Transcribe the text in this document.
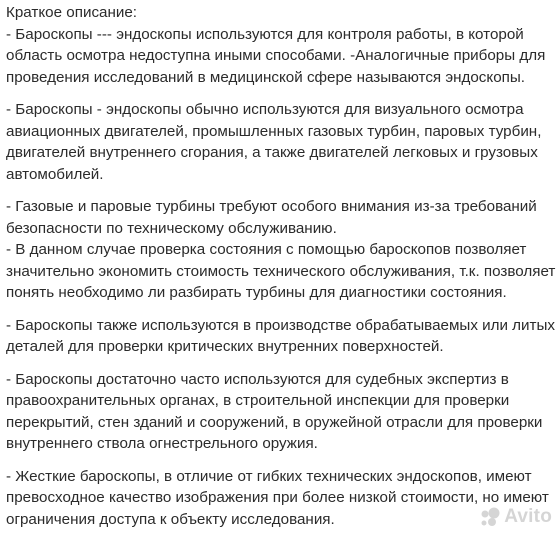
Краткое описание:

- Бароскопы --- эндоскопы используются для контроля работы, в которой
область осмотра недоступна иными способами. -Аналогичные приборы для
проведения исследований в медицинской сфере называются эндоскопы.

- Бароскопы - эндоскопы обычно используются для визуального осмотра
авиационных двигателей, промышленных газовых турбин, паровых турбин,
двигателей внутреннего сгорания, а также двигателей легковых и грузовых
автомобилей.

- Газовые и паровые турбины требуют особого внимания из-за требований
безопасности по техническому обслуживанию.

- В данном случае проверка состояния с помощью бароскопов позволяет
значительно экономить стоимость технического обслуживания, т.к. позволяет
понять необходимо ли разбирать турбины для диагностики состояния.

- Бароскопы также используются в производстве обрабатываемых или литых
деталей для проверки критических внутренних поверхностей.

- Бароскопы достаточно часто используются для судебных экспертиз в
правоохранительных органах, в строительной инспекции для проверки
перекрытий, стен зданий и сооружений, в оружейной отрасли для проверки
внутреннего ствола огнестрельного оружия.

- Жесткие бароскопы, в отличие от гибких технических эндоскопов, имеют
превосходное качество изображения при более низкой стоимости, но имеют
ограничения доступа к объекту исследования.	Avito
